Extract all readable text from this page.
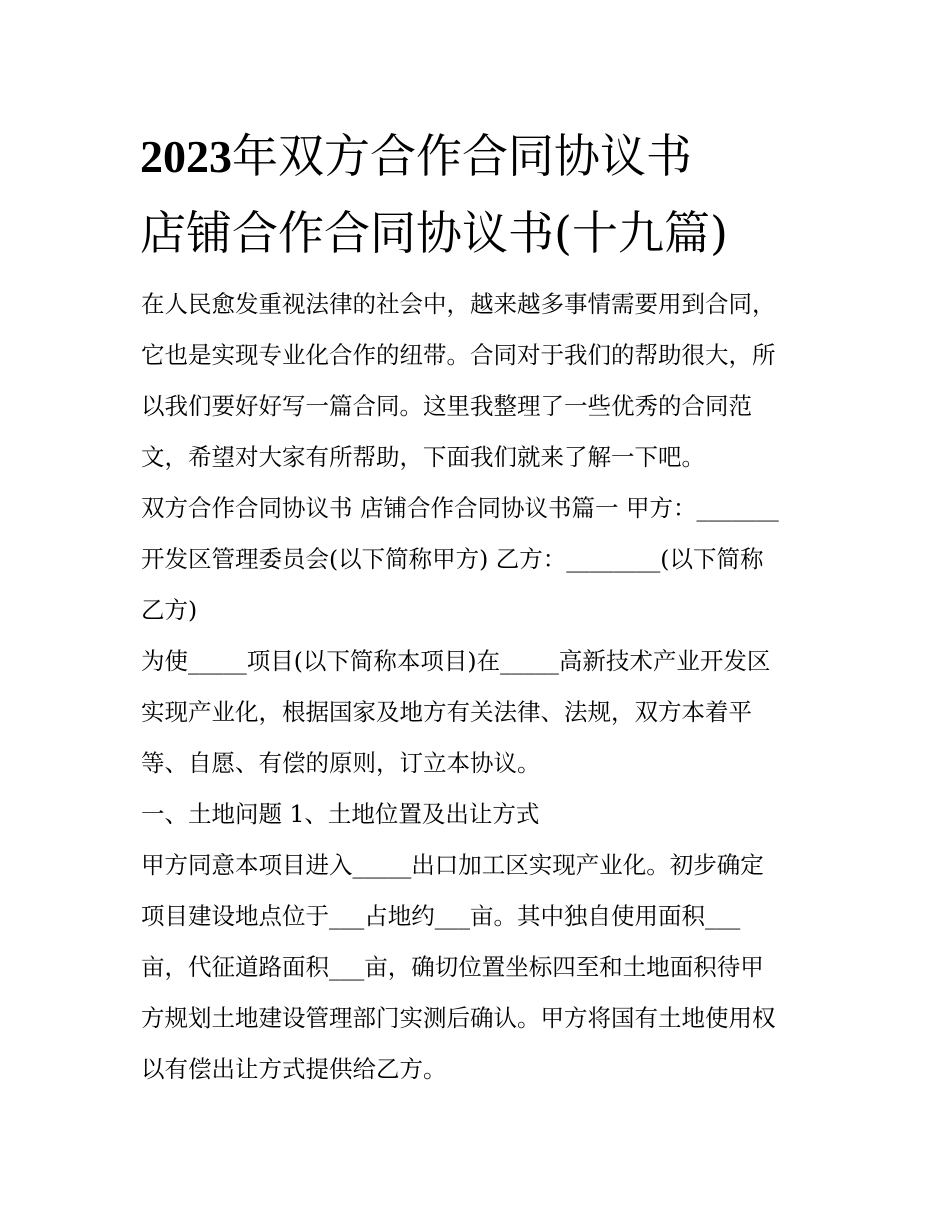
2023年双方合作合同协议书
店铺合作合同协议书(十九篇)

在人民愈发重视法律的社会中，越来越多事情需要用到合同，
它也是实现专业化合作的纽带。合同对于我们的帮助很大，所
以我们要好好写一篇合同。这里我整理了一些优秀的合同范
文，希望对大家有所帮助，下面我们就来了解一下吧。

双方合作合同协议书 店铺合作合同协议书篇一 甲方：_______
开发区管理委员会(以下简称甲方) 乙方：________(以下简称
乙方)

为使_____项目(以下简称本项目)在_____高新技术产业开发区
实现产业化，根据国家及地方有关法律、法规，双方本着平
等、自愿、有偿的原则，订立本协议。

一、土地问题 1、土地位置及出让方式

甲方同意本项目进入_____出口加工区实现产业化。初步确定
项目建设地点位于___占地约___亩。其中独自使用面积___
亩，代征道路面积___亩，确切位置坐标四至和土地面积待甲
方规划土地建设管理部门实测后确认。甲方将国有土地使用权
以有偿出让方式提供给乙方。
